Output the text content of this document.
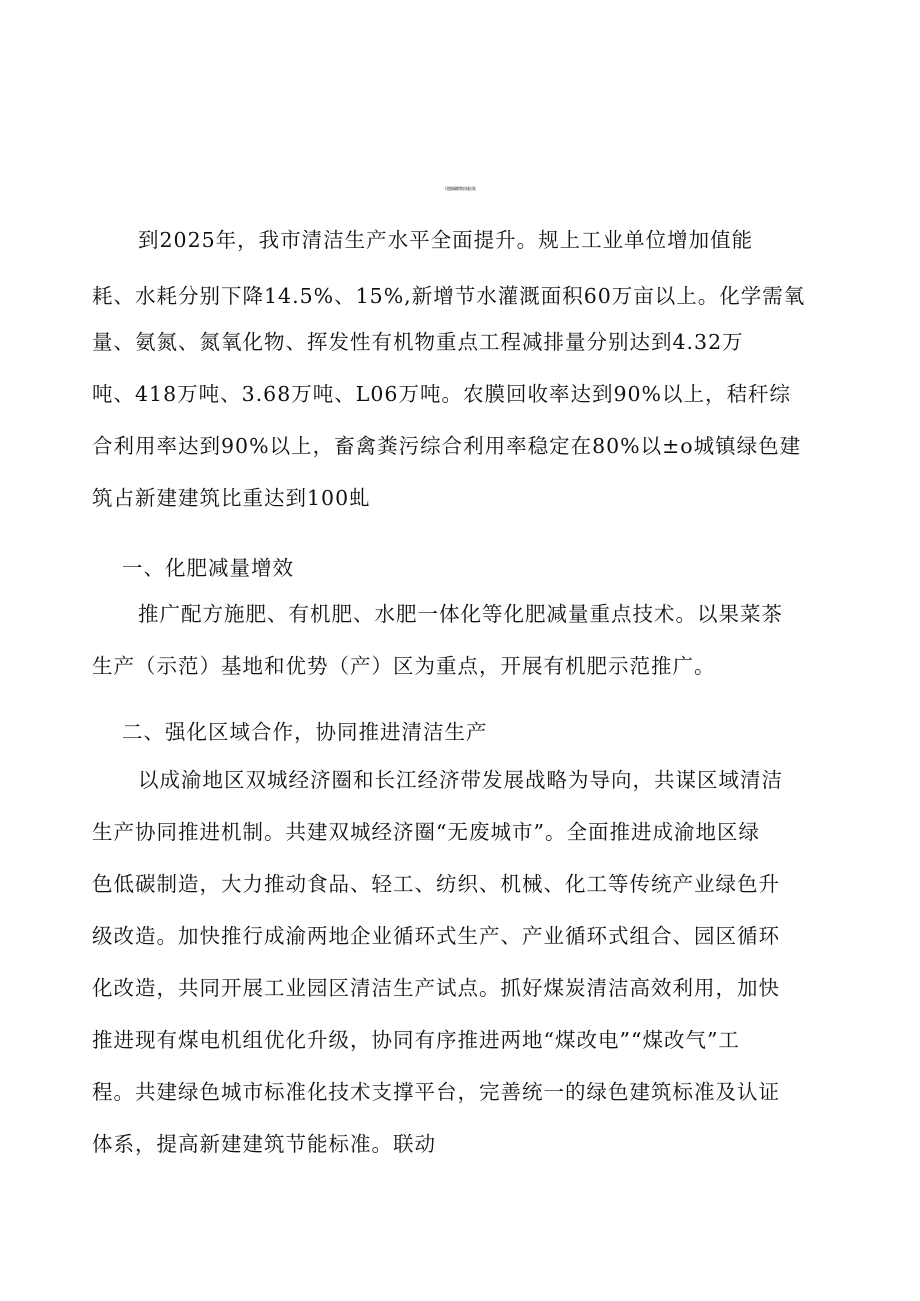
化肥减量增效实施方案
到2025年，我市清洁生产水平全面提升。规上工业单位增加值能
耗、水耗分别下降14.5%、15%,新增节水灌溉面积60万亩以上。化学需氧
量、氨氮、氮氧化物、挥发性有机物重点工程减排量分别达到4.32万
吨、418万吨、3.68万吨、L06万吨。农膜回收率达到90%以上，秸秆综
合利用率达到90%以上，畜禽粪污综合利用率稳定在80%以±o城镇绿色建
筑占新建建筑比重达到100虬
一、化肥减量增效
推广配方施肥、有机肥、水肥一体化等化肥减量重点技术。以果菜茶
生产（示范）基地和优势（产）区为重点，开展有机肥示范推广。
二、强化区域合作，协同推进清洁生产
以成渝地区双城经济圈和长江经济带发展战略为导向，共谋区域清洁
生产协同推进机制。共建双城经济圈“无废城市”。全面推进成渝地区绿
色低碳制造，大力推动食品、轻工、纺织、机械、化工等传统产业绿色升
级改造。加快推行成渝两地企业循环式生产、产业循环式组合、园区循环
化改造，共同开展工业园区清洁生产试点。抓好煤炭清洁高效利用，加快
推进现有煤电机组优化升级，协同有序推进两地“煤改电”“煤改气”工
程。共建绿色城市标准化技术支撑平台，完善统一的绿色建筑标准及认证
体系，提高新建建筑节能标准。联动
